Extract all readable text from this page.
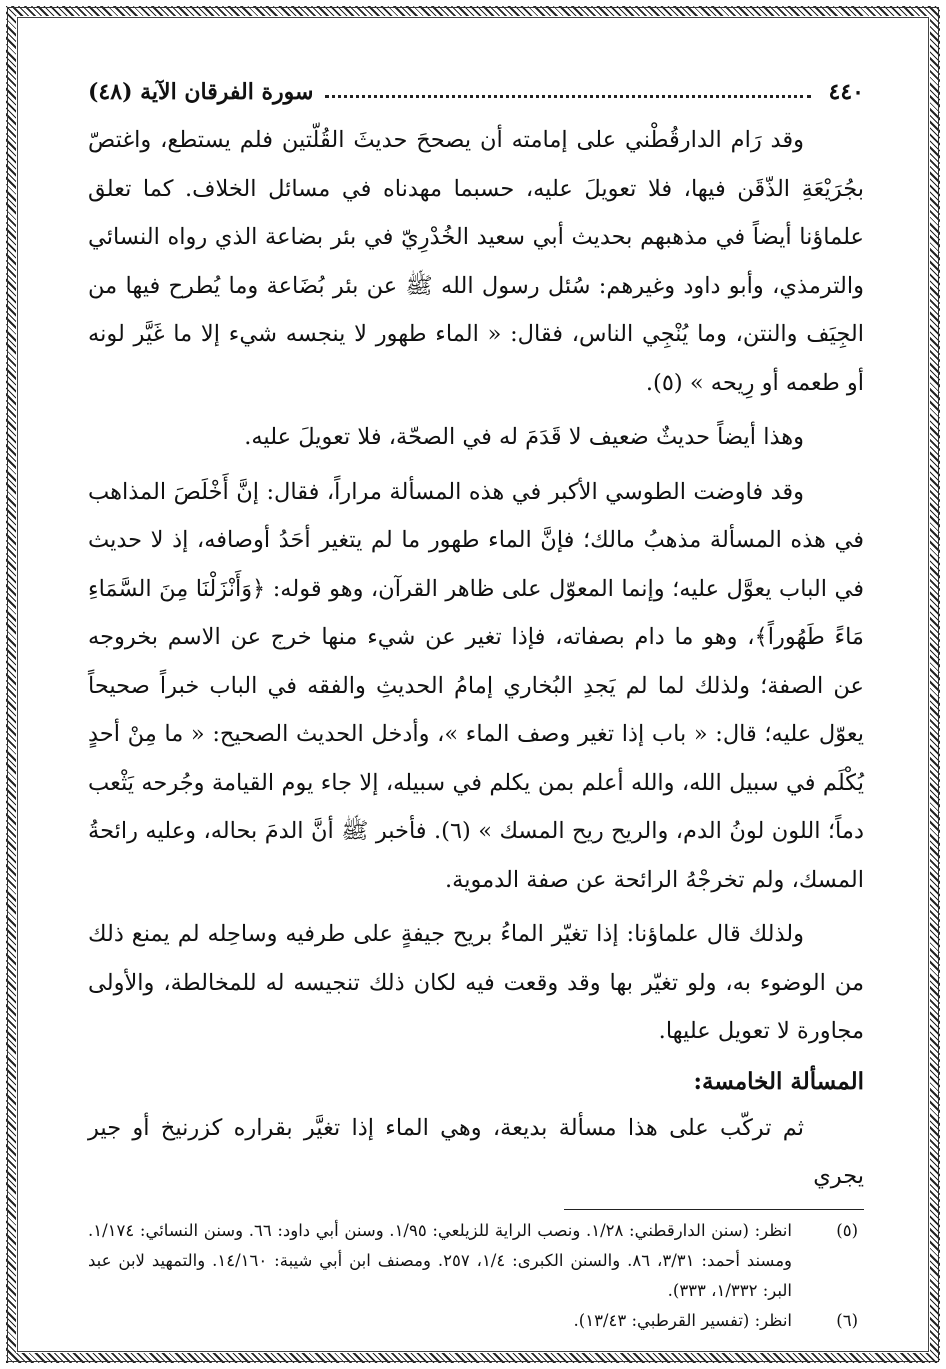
٤٤٠
سورة الفرقان الآية (٤٨)

وقد رَام الدارقُطْني على إمامته أن يصححَ حديثَ القُلّتين فلم يستطع، واغتصّ بجُرَيْعَةِ الذّقَن فيها، فلا تعويلَ عليه، حسبما مهدناه في مسائل الخلاف. كما تعلق علماؤنا أيضاً في مذهبهم بحديث أبي سعيد الخُدْرِيّ في بئر بضاعة الذي رواه النسائي والترمذي، وأبو داود وغيرهم: سُئل رسول الله ﷺ عن بئر بُضَاعة وما يُطرح فيها من الجِيَف والنتن، وما يُنْجِي الناس، فقال: « الماء طهور لا ينجسه شيء إلا ما غَيَّر لونه أو طعمه أو رِيحه » (٥).

وهذا أيضاً حديثٌ ضعيف لا قَدَمَ له في الصحّة، فلا تعويلَ عليه.

وقد فاوضت الطوسي الأكبر في هذه المسألة مراراً، فقال: إنَّ أَخْلَصَ المذاهب في هذه المسألة مذهبُ مالك؛ فإنَّ الماء طهور ما لم يتغير أحَدُ أوصافه، إذ لا حديث في الباب يعوَّل عليه؛ وإنما المعوّل على ظاهر القرآن، وهو قوله: ﴿وَأَنْزَلْنَا مِنَ السَّمَاءِ مَاءً طَهُوراً﴾، وهو ما دام بصفاته، فإذا تغير عن شيء منها خرج عن الاسم بخروجه عن الصفة؛ ولذلك لما لم يَجدِ البُخاري إمامُ الحديثِ والفقه في الباب خبراً صحيحاً يعوّل عليه؛ قال: « باب إذا تغير وصف الماء »، وأدخل الحديث الصحيح: « ما مِنْ أحدٍ يُكْلَم في سبيل الله، والله أعلم بمن يكلم في سبيله، إلا جاء يوم القيامة وجُرحه يَثْعب دماً؛ اللون لونُ الدم، والريح ريح المسك » (٦). فأخبر ﷺ أنَّ الدمَ بحاله، وعليه رائحةُ المسك، ولم تخرجْهُ الرائحة عن صفة الدموية.

ولذلك قال علماؤنا: إذا تغيّر الماءُ بريح جيفةٍ على طرفيه وساحِله لم يمنع ذلك من الوضوء به، ولو تغيّر بها وقد وقعت فيه لكان ذلك تنجيسه له للمخالطة، والأولى مجاورة لا تعويل عليها.

المسألة الخامسة:

ثم تركّب على هذا مسألة بديعة، وهي الماء إذا تغيَّر بقراره كزرنيخ أو جير يجري

(٥)
انظر: (سنن الدارقطني: ١/٢٨. ونصب الراية للزيلعي: ١/٩٥. وسنن أبي داود: ٦٦. وسنن النسائي: ١/١٧٤. ومسند أحمد: ٣/٣١، ٨٦. والسنن الكبرى: ١/٤، ٢٥٧. ومصنف ابن أبي شيبة: ١٤/١٦٠. والتمهيد لابن عبد البر: ١/٣٣٢، ٣٣٣).
(٦)
انظر: (تفسير القرطبي: ١٣/٤٣).
